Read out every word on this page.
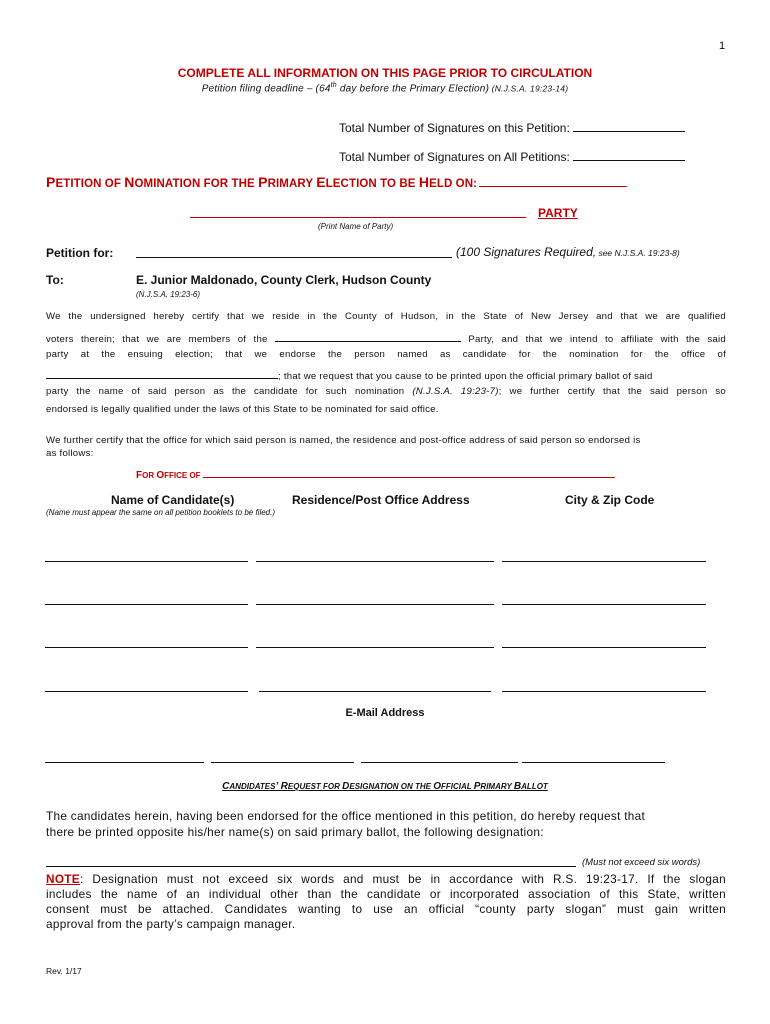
1
COMPLETE ALL INFORMATION ON THIS PAGE PRIOR TO CIRCULATION
Petition filing deadline – (64th day before the Primary Election) (N.J.S.A. 19:23-14)
Total Number of Signatures on this Petition:
Total Number of Signatures on All Petitions:
PETITION OF NOMINATION FOR THE PRIMARY ELECTION TO BE HELD ON:
PARTY
(Print Name of Party)
Petition for:	(100 Signatures Required, see N.J.S.A. 19:23-8)
To:	E. Junior Maldonado, County Clerk, Hudson County
(N.J.S.A. 19:23-6)
We the undersigned hereby certify that we reside in the County of Hudson, in the State of New Jersey and that we are qualified
voters therein; that we are members of the	Party, and that we intend to affiliate with the said
party at the ensuing election; that we endorse the person named as candidate for the nomination for the office of
; that we request that you cause to be printed upon the official primary ballot of said
party the name of said person as the candidate for such nomination (N.J.S.A. 19:23-7); we further certify that the said person so
endorsed is legally qualified under the laws of this State to be nominated for said office.
We further certify that the office for which said person is named, the residence and post-office address of said person so endorsed is
as follows:
FOR OFFICE OF
Name of Candidate(s)	Residence/Post Office Address	City & Zip Code
(Name must appear the same on all petition booklets to be filed.)
E-Mail Address
CANDIDATES’ REQUEST FOR DESIGNATION ON THE OFFICIAL PRIMARY BALLOT
The candidates herein, having been endorsed for the office mentioned in this petition, do hereby request that
there be printed opposite his/her name(s) on said primary ballot, the following designation:
(Must not exceed six words)
NOTE: Designation must not exceed six words and must be in accordance with R.S. 19:23-17. If the slogan
includes the name of an individual other than the candidate or incorporated association of this State, written
consent must be attached. Candidates wanting to use an official “county party slogan” must gain written
approval from the party’s campaign manager.
Rev. 1/17
